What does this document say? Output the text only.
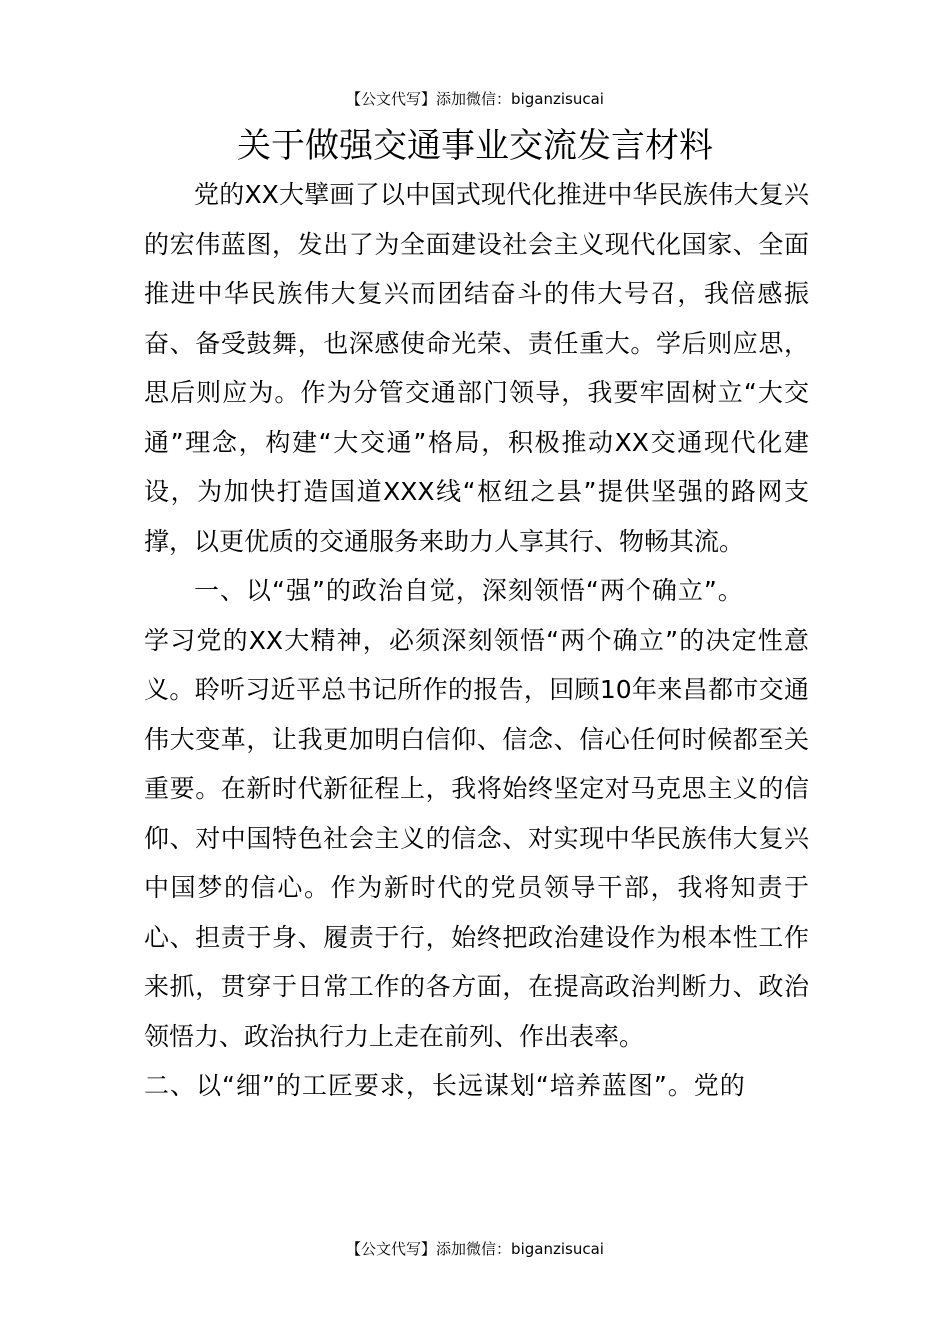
【公文代写】添加微信：biganzisucai
关于做强交通事业交流发言材料

党的XX大擘画了以中国式现代化推进中华民族伟大复兴的宏伟蓝图，发出了为全面建设社会主义现代化国家、全面推进中华民族伟大复兴而团结奋斗的伟大号召，我倍感振奋、备受鼓舞，也深感使命光荣、责任重大。学后则应思，思后则应为。作为分管交通部门领导，我要牢固树立“大交通”理念，构建“大交通”格局，积极推动XX交通现代化建设，为加快打造国道XXX线“枢纽之县”提供坚强的路网支撑，以更优质的交通服务来助力人享其行、物畅其流。

一、以“强”的政治自觉，深刻领悟“两个确立”。

学习党的XX大精神，必须深刻领悟“两个确立”的决定性意义。聆听习近平总书记所作的报告，回顾10年来昌都市交通伟大变革，让我更加明白信仰、信念、信心任何时候都至关重要。在新时代新征程上，我将始终坚定对马克思主义的信仰、对中国特色社会主义的信念、对实现中华民族伟大复兴中国梦的信心。作为新时代的党员领导干部，我将知责于心、担责于身、履责于行，始终把政治建设作为根本性工作来抓，贯穿于日常工作的各方面，在提高政治判断力、政治领悟力、政治执行力上走在前列、作出表率。

二、以“细”的工匠要求，长远谋划“培养蓝图”。党的

【公文代写】添加微信：biganzisucai
